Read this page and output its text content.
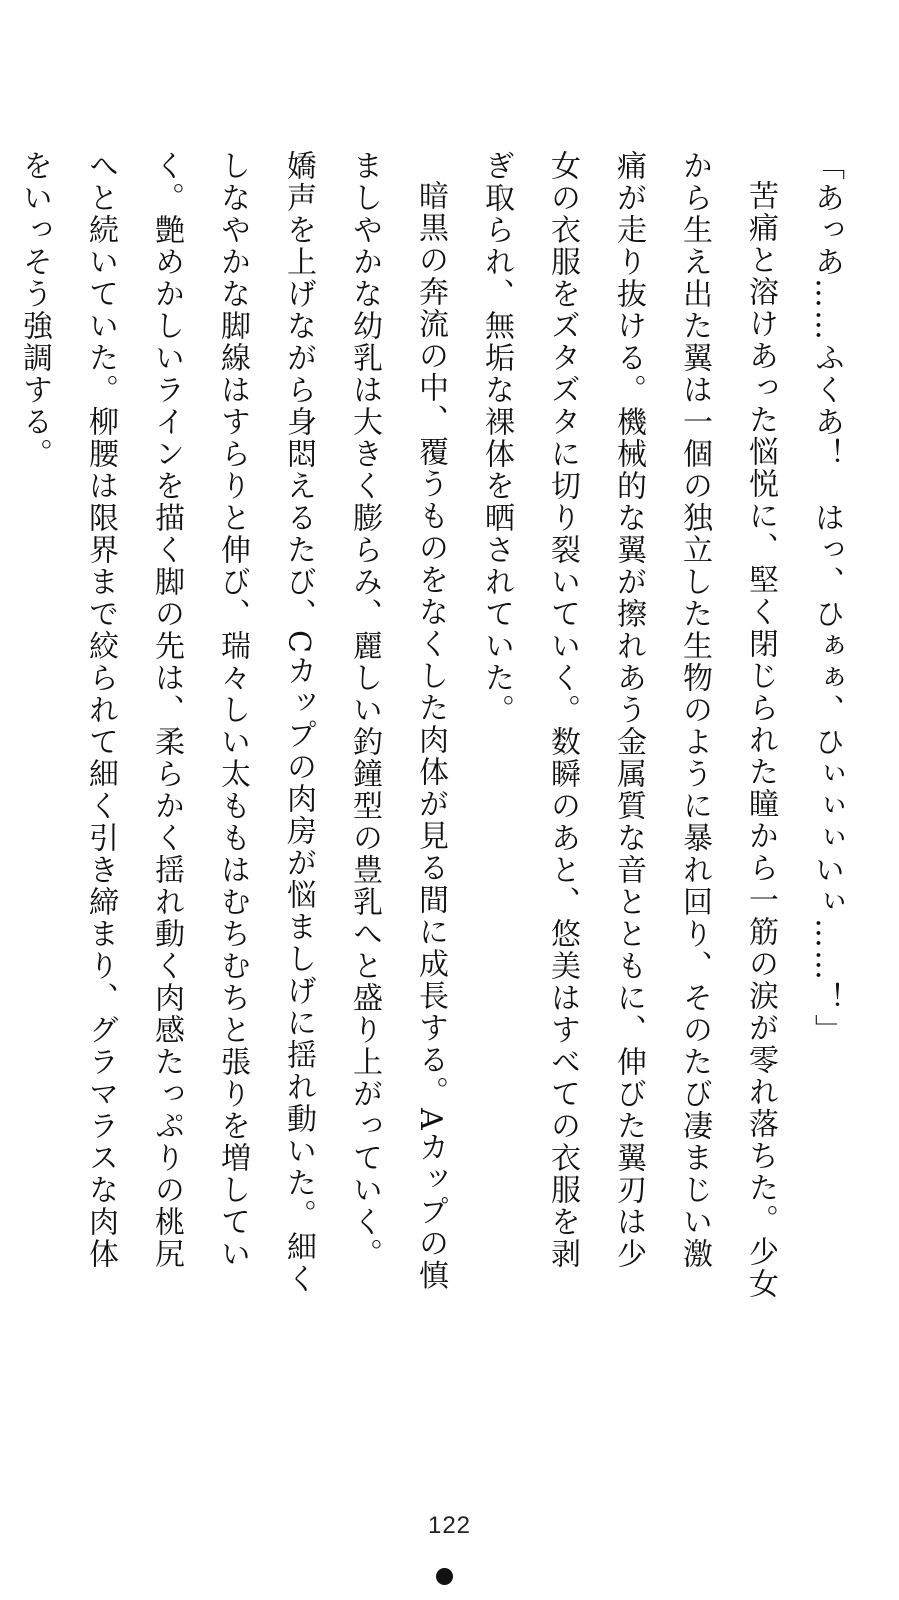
「あっあ……ふくあ！　はっ、ひぁぁ、ひぃぃぃいぃ……！」

苦痛と溶けあった悩悦に、堅く閉じられた瞳から一筋の涙が零れ落ちた。少女から生え出た翼は一個の独立した生物のように暴れ回り、そのたび凄まじい激痛が走り抜ける。機械的な翼が擦れあう金属質な音とともに、伸びた翼刃は少女の衣服をズタズタに切り裂いていく。数瞬のあと、悠美はすべての衣服を剥ぎ取られ、無垢な裸体を晒されていた。

暗黒の奔流の中、覆うものをなくした肉体が見る間に成長する。Aカップの慎ましやかな幼乳は大きく膨らみ、麗しい釣鐘型の豊乳へと盛り上がっていく。嬌声を上げながら身悶えるたび、Cカップの肉房が悩ましげに揺れ動いた。細くしなやかな脚線はすらりと伸び、瑞々しい太ももはむちむちと張りを増していく。艶めかしいラインを描く脚の先は、柔らかく揺れ動く肉感たっぷりの桃尻へと続いていた。柳腰は限界まで絞られて細く引き締まり、グラマラスな肉体をいっそう強調する。

122
